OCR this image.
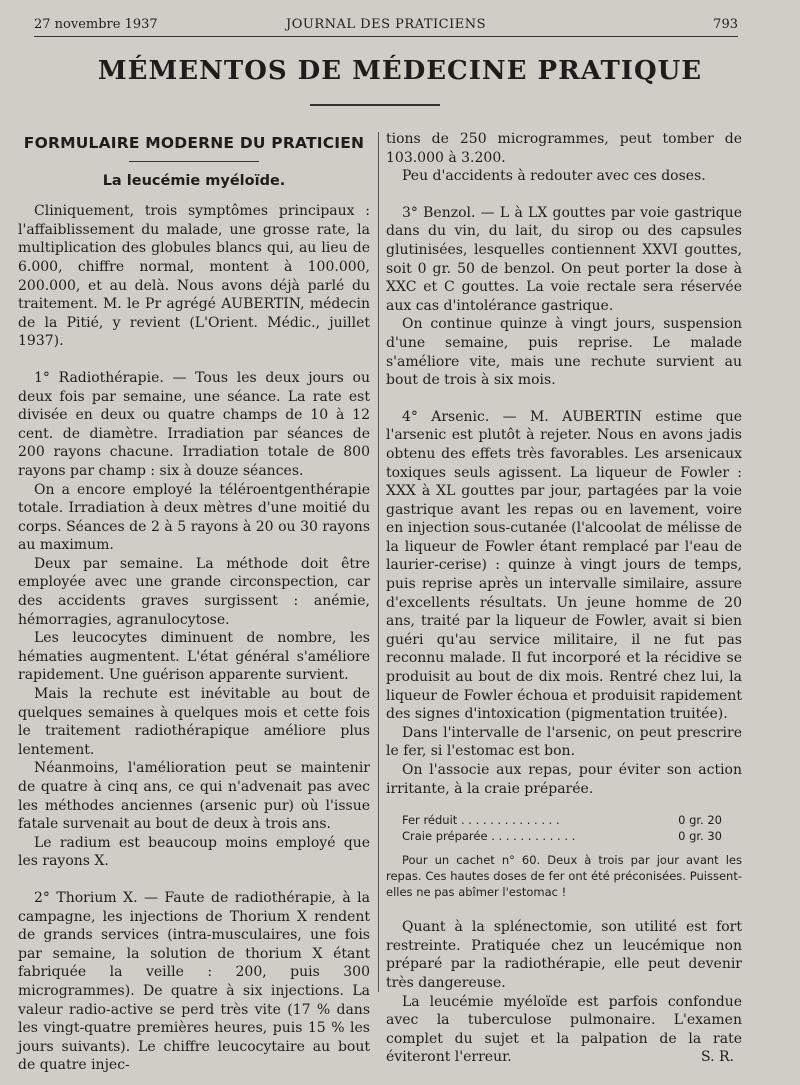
27 novembre 1937	JOURNAL DES PRATICIENS	793
MÉMENTOS DE MÉDECINE PRATIQUE
FORMULAIRE MODERNE DU PRATICIEN
La leucémie myéloïde.

Cliniquement, trois symptômes principaux : l'affaiblissement du malade, une grosse rate, la multiplication des globules blancs qui, au lieu de 6.000, chiffre normal, montent à 100.000, 200.000, et au delà. Nous avons déjà parlé du traitement. M. le Pr agrégé AUBERTIN, médecin de la Pitié, y revient (L'Orient. Médic., juillet 1937).

1° Radiothérapie. — Tous les deux jours ou deux fois par semaine, une séance. La rate est divisée en deux ou quatre champs de 10 à 12 cent. de diamètre. Irradiation par séances de 200 rayons chacune. Irradiation totale de 800 rayons par champ : six à douze séances.

On a encore employé la téléroentgenthérapie totale. Irradiation à deux mètres d'une moitié du corps. Séances de 2 à 5 rayons à 20 ou 30 rayons au maximum.

Deux par semaine. La méthode doit être employée avec une grande circonspection, car des accidents graves surgissent : anémie, hémorragies, agranulocytose.

Les leucocytes diminuent de nombre, les hématies augmentent. L'état général s'améliore rapidement. Une guérison apparente survient.

Mais la rechute est inévitable au bout de quelques semaines à quelques mois et cette fois le traitement radiothérapique améliore plus lentement.

Néanmoins, l'amélioration peut se maintenir de quatre à cinq ans, ce qui n'advenait pas avec les méthodes anciennes (arsenic pur) où l'issue fatale survenait au bout de deux à trois ans.

Le radium est beaucoup moins employé que les rayons X.

2° Thorium X. — Faute de radiothérapie, à la campagne, les injections de Thorium X rendent de grands services (intra-musculaires, une fois par semaine, la solution de thorium X étant fabriquée la veille : 200, puis 300 microgrammes). De quatre à six injections. La valeur radio-active se perd très vite (17 % dans les vingt-quatre premières heures, puis 15 % les jours suivants). Le chiffre leucocytaire au bout de quatre injec-

tions de 250 microgrammes, peut tomber de 103.000 à 3.200.

Peu d'accidents à redouter avec ces doses.

3° Benzol. — L à LX gouttes par voie gastrique dans du vin, du lait, du sirop ou des capsules glutinisées, lesquelles contiennent XXVI gouttes, soit 0 gr. 50 de benzol. On peut porter la dose à XXC et C gouttes. La voie rectale sera réservée aux cas d'intolérance gastrique.

On continue quinze à vingt jours, suspension d'une semaine, puis reprise. Le malade s'améliore vite, mais une rechute survient au bout de trois à six mois.

4° Arsenic. — M. AUBERTIN estime que l'arsenic est plutôt à rejeter. Nous en avons jadis obtenu des effets très favorables. Les arsenicaux toxiques seuls agissent. La liqueur de Fowler : XXX à XL gouttes par jour, partagées par la voie gastrique avant les repas ou en lavement, voire en injection sous-cutanée (l'alcoolat de mélisse de la liqueur de Fowler étant remplacé par l'eau de laurier-cerise) : quinze à vingt jours de temps, puis reprise après un intervalle similaire, assure d'excellents résultats. Un jeune homme de 20 ans, traité par la liqueur de Fowler, avait si bien guéri qu'au service militaire, il ne fut pas reconnu malade. Il fut incorporé et la récidive se produisit au bout de dix mois. Rentré chez lui, la liqueur de Fowler échoua et produisit rapidement des signes d'intoxication (pigmentation truitée).

Dans l'intervalle de l'arsenic, on peut prescrire le fer, si l'estomac est bon.

On l'associe aux repas, pour éviter son action irritante, à la craie préparée.

Fer réduit . . . . . . . . . . . . . .	0 gr. 20
Craie préparée . . . . . . . . . . . .	0 gr. 30

Pour un cachet n° 60. Deux à trois par jour avant les repas. Ces hautes doses de fer ont été préconisées. Puissent-elles ne pas abîmer l'estomac !

Quant à la splénectomie, son utilité est fort restreinte. Pratiquée chez un leucémique non préparé par la radiothérapie, elle peut devenir très dangereuse.

La leucémie myéloïde est parfois confondue avec la tuberculose pulmonaire. L'examen complet du sujet et la palpation de la rate éviteront l'erreur.	S. R.
